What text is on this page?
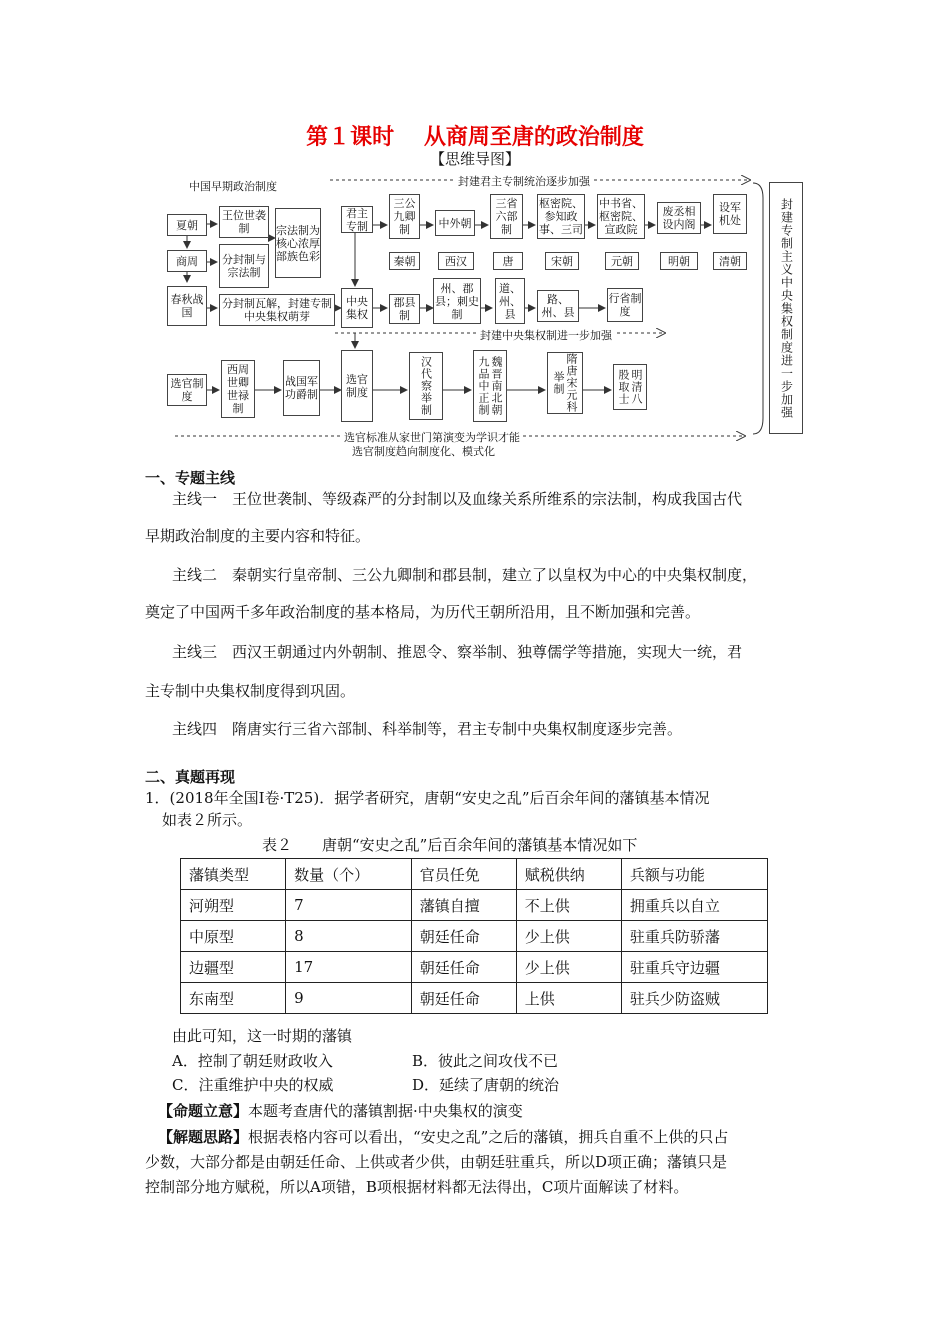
第１课时　 从商周至唐的政治制度
【思维导图】
中国早期政治制度	封建君主专制统治逐步加强
封建中央集权制进一步加强
选官标准从家世门第演变为学识才能
选官制度趋向制度化、模式化
封建专制主义中央集权制度进一步加强
夏朝
商周
春秋战国
王位世袭制
分封制与宗法制
宗法制为核心浓厚部族色彩
分封制瓦解，封建专制中央集权萌芽
君主专制
中央集权
三公九卿制	中外朝
三省六部制
枢密院、参知政事、三司
中书省、枢密院、宣政院
废丞相设内阁
设军机处
秦朝	西汉	唐	宋朝	元朝	明朝	清朝
郡县制
州、郡县；刺史制
道、州、县
路、州、县
行省制度
选官制度
选官制度
西周世卿世禄制
战国军功爵制	汉代察举制	魏晋南北朝九品中正制	隋唐宋元科举制	明清八股取士
一、专题主线
主线一　王位世袭制、等级森严的分封制以及血缘关系所维系的宗法制，构成我国古代
早期政治制度的主要内容和特征。
主线二　秦朝实行皇帝制、三公九卿制和郡县制，建立了以皇权为中心的中央集权制度，
奠定了中国两千多年政治制度的基本格局，为历代王朝所沿用，且不断加强和完善。
主线三　西汉王朝通过内外朝制、推恩令、察举制、独尊儒学等措施，实现大一统，君
主专制中央集权制度得到巩固。
主线四　隋唐实行三省六部制、科举制等，君主专制中央集权制度逐步完善。
二、真题再现
1．(2018年全国Ⅰ卷·T25)．据学者研究，唐朝“安史之乱”后百余年间的藩镇基本情况
如表２所示。
表２　　唐朝“安史之乱”后百余年间的藩镇基本情况如下
藩镇类型	数量（个）	官员任免	赋税供纳	兵额与功能
河朔型	7	藩镇自擅	不上供	拥重兵以自立
中原型	8	朝廷任命	少上供	驻重兵防骄藩
边疆型	17	朝廷任命	少上供	驻重兵守边疆
东南型	9	朝廷任命	上供	驻兵少防盗贼
由此可知，这一时期的藩镇
A．控制了朝廷财政收入	B．彼此之间攻伐不已
C．注重维护中央的权威	D．延续了唐朝的统治
【命题立意】本题考查唐代的藩镇割据·中央集权的演变
【解题思路】根据表格内容可以看出，“安史之乱”之后的藩镇，拥兵自重不上供的只占
少数，大部分都是由朝廷任命、上供或者少供，由朝廷驻重兵，所以D项正确；藩镇只是
控制部分地方赋税，所以A项错，B项根据材料都无法得出，C项片面解读了材料。
